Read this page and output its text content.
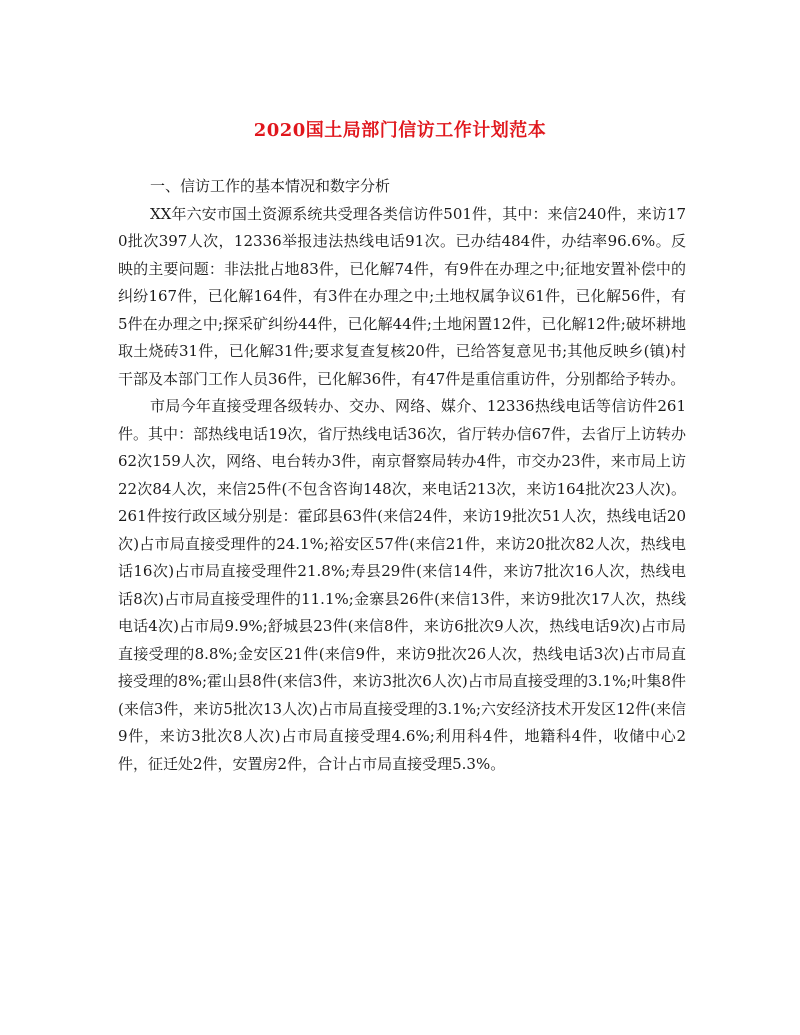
2020国土局部门信访工作计划范本

一、信访工作的基本情况和数字分析

XX年六安市国土资源系统共受理各类信访件501件，其中：来信240件，来访170批次397人次，12336举报违法热线电话91次。已办结484件，办结率96.6%。反映的主要问题：非法批占地83件，已化解74件，有9件在办理之中;征地安置补偿中的纠纷167件，已化解164件，有3件在办理之中;土地权属争议61件，已化解56件，有5件在办理之中;探采矿纠纷44件，已化解44件;土地闲置12件，已化解12件;破坏耕地取土烧砖31件，已化解31件;要求复查复核20件，已给答复意见书;其他反映乡(镇)村干部及本部门工作人员36件，已化解36件，有47件是重信重访件，分别都给予转办。

市局今年直接受理各级转办、交办、网络、媒介、12336热线电话等信访件261件。其中：部热线电话19次，省厅热线电话36次，省厅转办信67件，去省厅上访转办62次159人次，网络、电台转办3件，南京督察局转办4件，市交办23件，来市局上访22次84人次，来信25件(不包含咨询148次，来电话213次，来访164批次23人次)。261件按行政区域分别是：霍邱县63件(来信24件，来访19批次51人次，热线电话20次)占市局直接受理件的24.1%;裕安区57件(来信21件，来访20批次82人次，热线电话16次)占市局直接受理件21.8%;寿县29件(来信14件，来访7批次16人次，热线电话8次)占市局直接受理件的11.1%;金寨县26件(来信13件，来访9批次17人次，热线电话4次)占市局9.9%;舒城县23件(来信8件，来访6批次9人次，热线电话9次)占市局直接受理的8.8%;金安区21件(来信9件，来访9批次26人次，热线电话3次)占市局直接受理的8%;霍山县8件(来信3件，来访3批次6人次)占市局直接受理的3.1%;叶集8件(来信3件，来访5批次13人次)占市局直接受理的3.1%;六安经济技术开发区12件(来信9件，来访3批次8人次)占市局直接受理4.6%;利用科4件，地籍科4件，收储中心2件，征迁处2件，安置房2件，合计占市局直接受理5.3%。
